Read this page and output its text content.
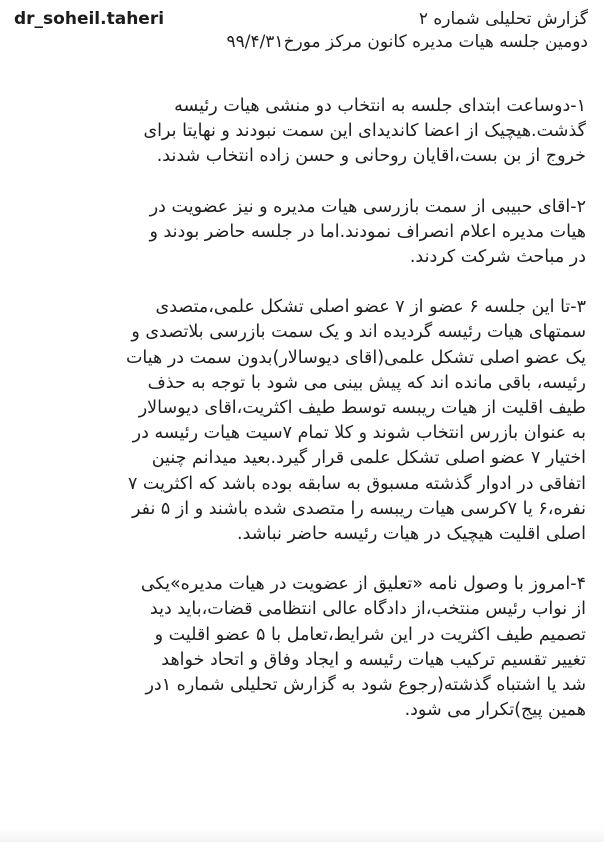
dr_soheil.taheri	گزارش تحلیلی شماره ۲
دومین جلسه هیات مدیره کانون مرکز مورخ۹۹/۴/۳۱
۱-دوساعت ابتدای جلسه به انتخاب دو منشی هیات رئیسه
گذشت.هیچیک از اعضا کاندیدای این سمت نبودند و نهایتا برای
خروج از بن بست،اقایان روحانی و حسن زاده انتخاب شدند.
۲-اقای حبیبی از سمت بازرسی هیات مدیره و نیز عضویت در
هیات مدیره اعلام انصراف نمودند.اما در جلسه حاضر بودند و
در مباحث شرکت کردند.
۳-تا این جلسه ۶ عضو از ۷ عضو اصلی تشکل علمی،متصدی
سمتهای هیات رئیسه گردیده اند و یک سمت بازرسی بلاتصدی و
یک عضو اصلی تشکل علمی(اقای دیوسالار)بدون سمت در هیات
رئیسه، باقی مانده اند که پیش بینی می شود با توجه به حذف
طیف اقلیت از هیات ریبسه توسط طیف اکثریت،اقای دیوسالار
به عنوان بازرس انتخاب شوند و کلا تمام ۷سیت هیات رئیسه در
اختیار ۷ عضو اصلی تشکل علمی قرار گیرد.بعید میدانم چنین
اتفاقی در ادوار گذشته مسبوق به سابقه بوده باشد که اکثریت ۷
نفره،۶ یا ۷کرسی هیات ریبسه را متصدی شده باشند و از ۵ نفر
اصلی اقلیت هیچیک در هیات رئیسه حاضر نباشد.
۴-امروز با وصول نامه «تعلیق از عضویت در هیات مدیره»یکی
از نواب رئیس منتخب،از دادگاه عالی انتظامی قضات،باید دید
تصمیم طیف اکثریت در این شرایط،تعامل با ۵ عضو اقلیت و
تغییر تقسیم ترکیب هیات رئیسه و ایجاد وفاق و اتحاد خواهد
شد یا اشتباه گذشته(رجوع شود به گزارش تحلیلی شماره ۱در
همین پیج)تکرار می شود.
